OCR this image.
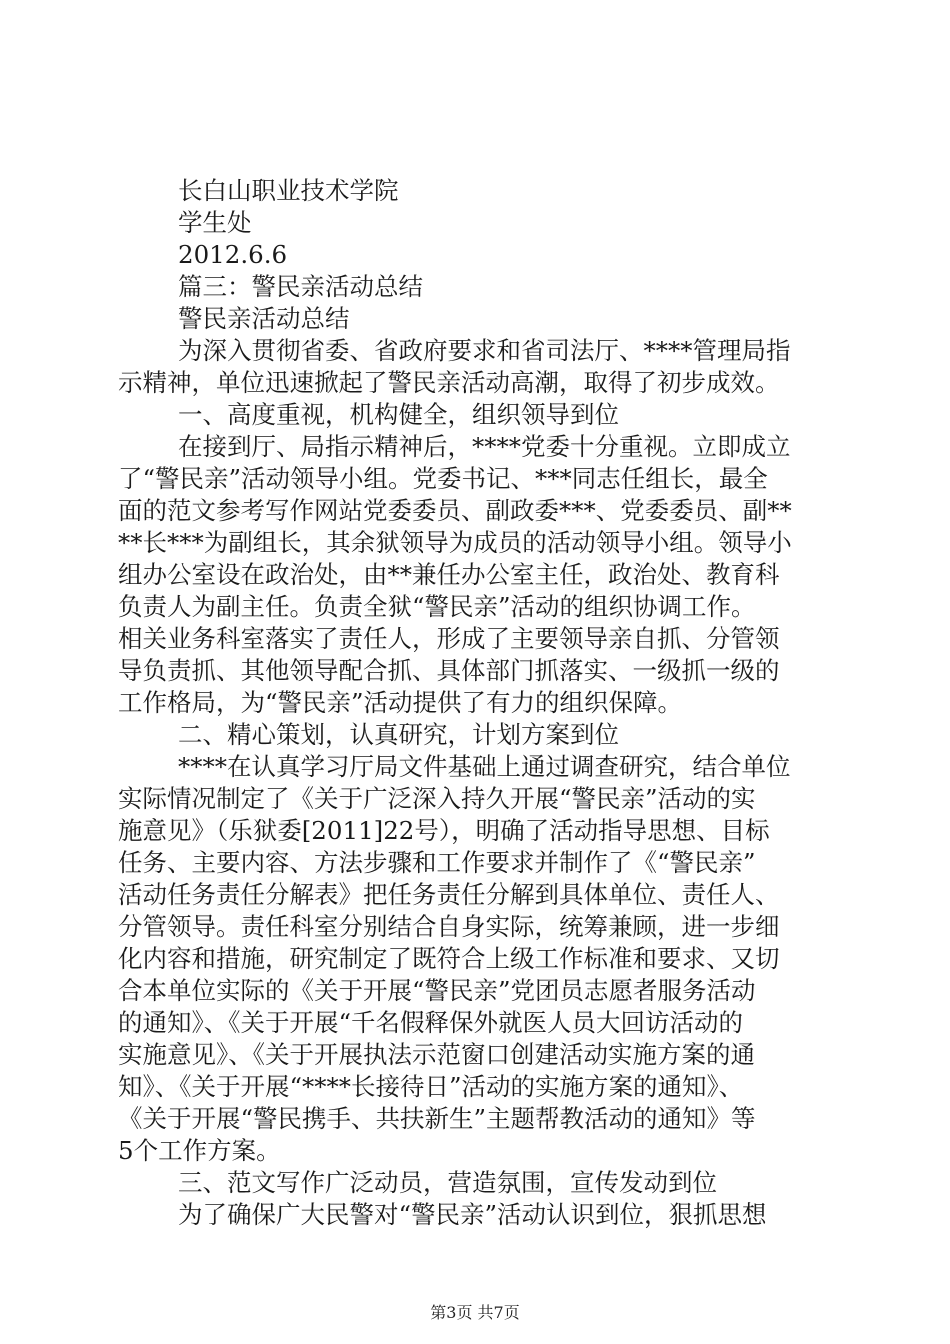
长白山职业技术学院
学生处
2012.6.6
篇三：警民亲活动总结
警民亲活动总结
为深入贯彻省委、省政府要求和省司法厅、****管理局指
示精神，单位迅速掀起了警民亲活动高潮，取得了初步成效。
一、高度重视，机构健全，组织领导到位
在接到厅、局指示精神后，****党委十分重视。立即成立
了“警民亲”活动领导小组。党委书记、***同志任组长，最全
面的范文参考写作网站党委委员、副政委***、党委委员、副**
**长***为副组长，其余狱领导为成员的活动领导小组。领导小
组办公室设在政治处，由**兼任办公室主任，政治处、教育科
负责人为副主任。负责全狱“警民亲”活动的组织协调工作。
相关业务科室落实了责任人，形成了主要领导亲自抓、分管领
导负责抓、其他领导配合抓、具体部门抓落实、一级抓一级的
工作格局，为“警民亲”活动提供了有力的组织保障。
二、精心策划，认真研究，计划方案到位
****在认真学习厅局文件基础上通过调查研究，结合单位
实际情况制定了《关于广泛深入持久开展“警民亲”活动的实
施意见》（乐狱委[2011]22号），明确了活动指导思想、目标
任务、主要内容、方法步骤和工作要求并制作了《“警民亲”
活动任务责任分解表》把任务责任分解到具体单位、责任人、
分管领导。责任科室分别结合自身实际，统筹兼顾，进一步细
化内容和措施，研究制定了既符合上级工作标准和要求、又切
合本单位实际的《关于开展“警民亲”党团员志愿者服务活动
的通知》、《关于开展“千名假释保外就医人员大回访活动的
实施意见》、《关于开展执法示范窗口创建活动实施方案的通
知》、《关于开展“****长接待日”活动的实施方案的通知》、
《关于开展“警民携手、共扶新生”主题帮教活动的通知》等
5个工作方案。
三、范文写作广泛动员，营造氛围，宣传发动到位
为了确保广大民警对“警民亲”活动认识到位，狠抓思想
第3页 共7页
